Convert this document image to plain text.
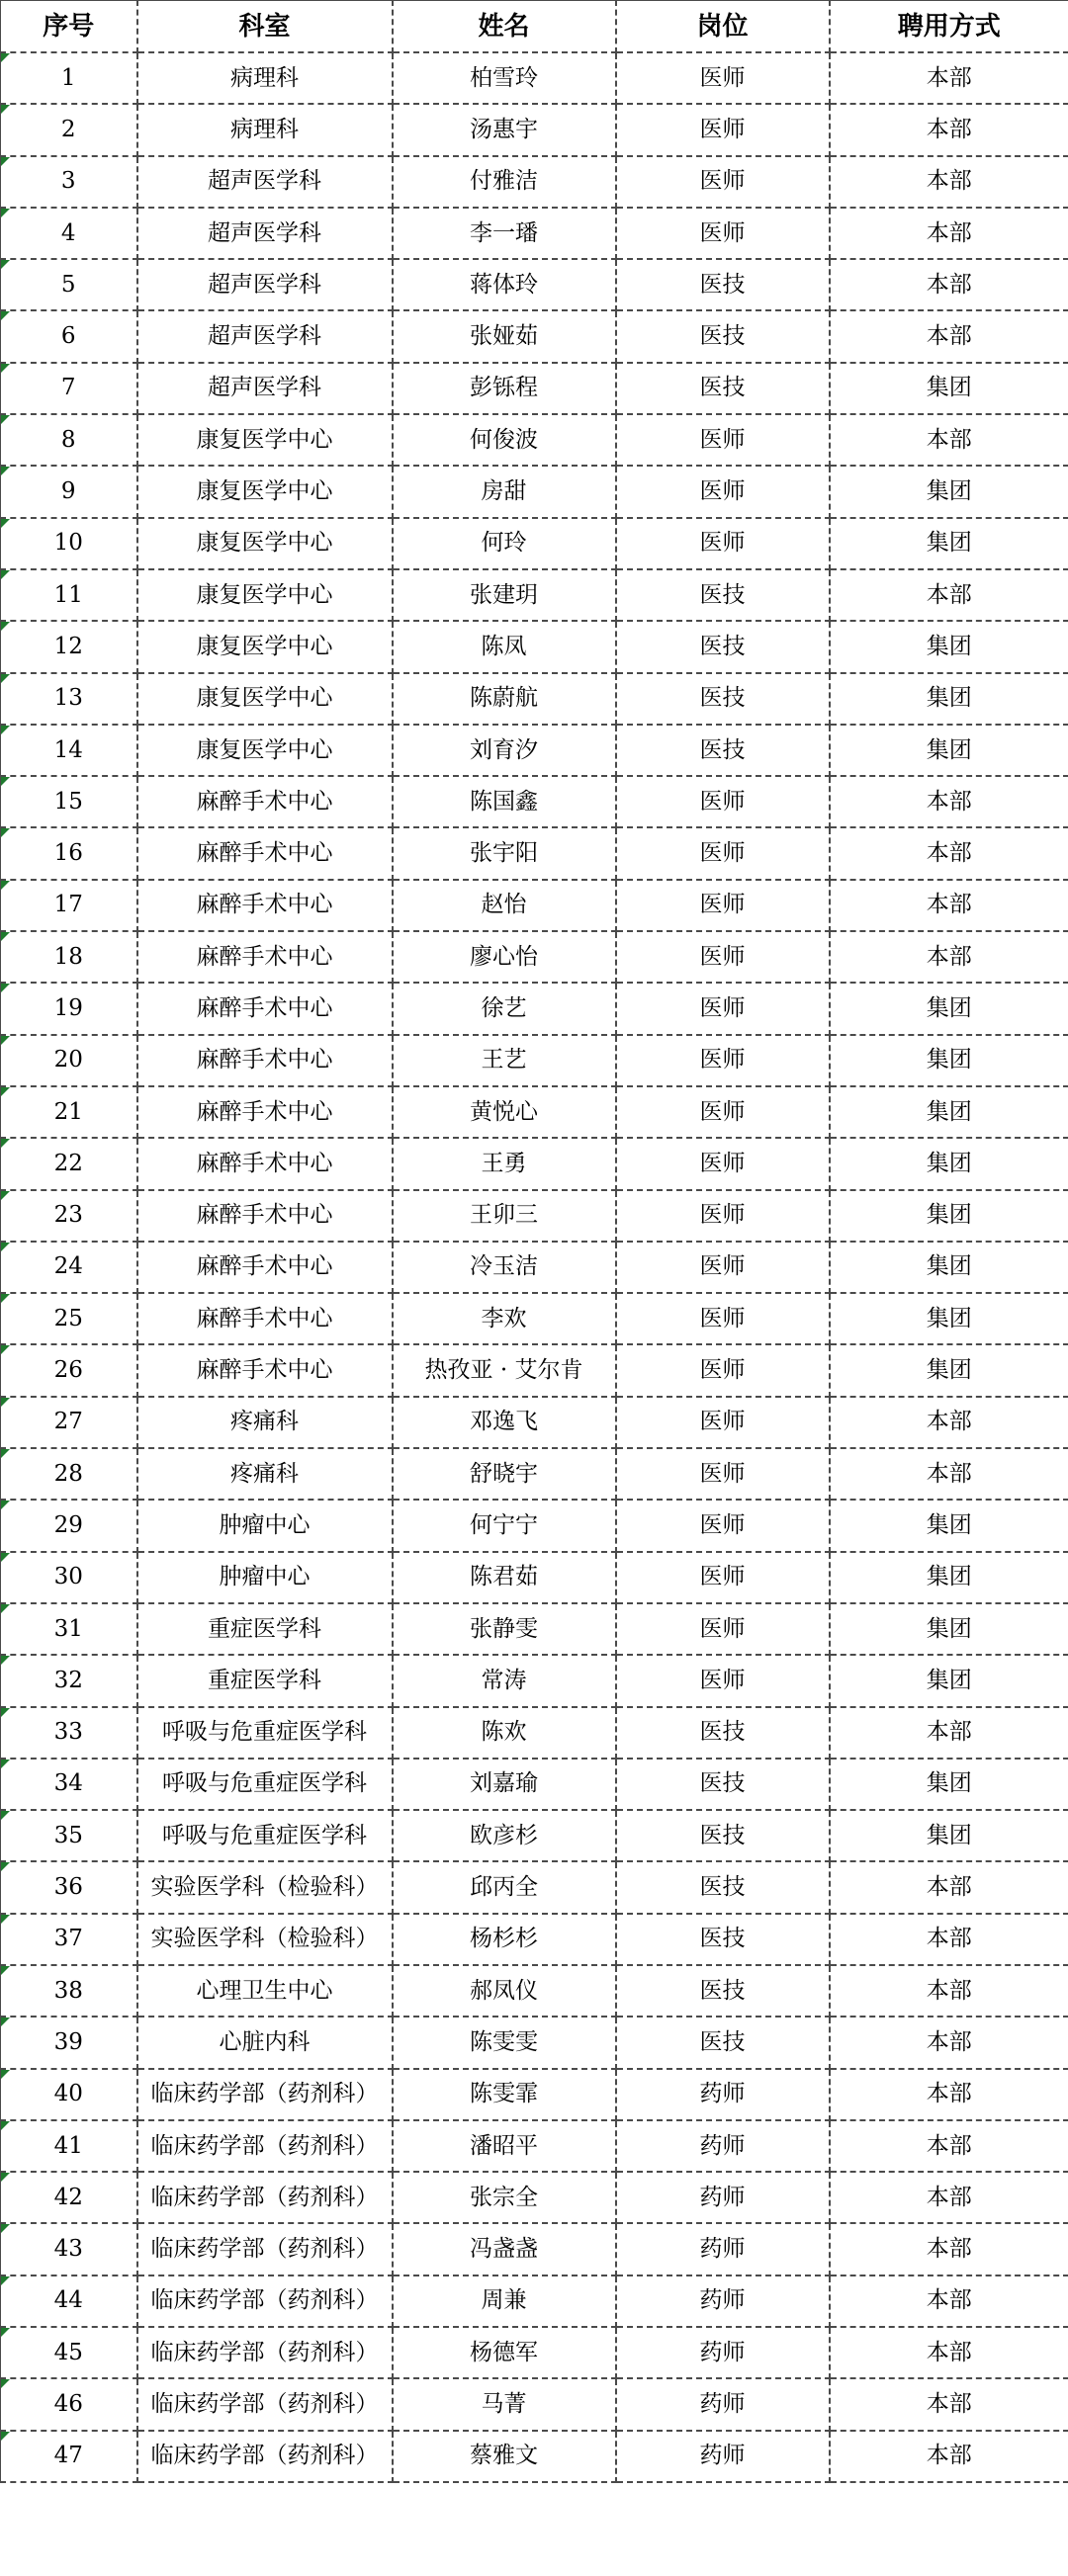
序号	科室	姓名	岗位	聘用方式
1	病理科	柏雪玲	医师	本部
2	病理科	汤惠宇	医师	本部
3	超声医学科	付雅洁	医师	本部
4	超声医学科	李一璠	医师	本部
5	超声医学科	蒋体玲	医技	本部
6	超声医学科	张娅茹	医技	本部
7	超声医学科	彭铄程	医技	集团
8	康复医学中心	何俊波	医师	本部
9	康复医学中心	房甜	医师	集团
10	康复医学中心	何玲	医师	集团
11	康复医学中心	张建玥	医技	本部
12	康复医学中心	陈凤	医技	集团
13	康复医学中心	陈蔚航	医技	集团
14	康复医学中心	刘育汐	医技	集团
15	麻醉手术中心	陈国鑫	医师	本部
16	麻醉手术中心	张宇阳	医师	本部
17	麻醉手术中心	赵怡	医师	本部
18	麻醉手术中心	廖心怡	医师	本部
19	麻醉手术中心	徐艺	医师	集团
20	麻醉手术中心	王艺	医师	集团
21	麻醉手术中心	黄悦心	医师	集团
22	麻醉手术中心	王勇	医师	集团
23	麻醉手术中心	王卯三	医师	集团
24	麻醉手术中心	冷玉洁	医师	集团
25	麻醉手术中心	李欢	医师	集团
26	麻醉手术中心	热孜亚 · 艾尔肯	医师	集团
27	疼痛科	邓逸飞	医师	本部
28	疼痛科	舒晓宇	医师	本部
29	肿瘤中心	何宁宁	医师	集团
30	肿瘤中心	陈君茹	医师	集团
31	重症医学科	张静雯	医师	集团
32	重症医学科	常涛	医师	集团
33	呼吸与危重症医学科	陈欢	医技	本部
34	呼吸与危重症医学科	刘嘉瑜	医技	集团
35	呼吸与危重症医学科	欧彦杉	医技	集团
36	实验医学科（检验科）	邱丙全	医技	本部
37	实验医学科（检验科）	杨杉杉	医技	本部
38	心理卫生中心	郝凤仪	医技	本部
39	心脏内科	陈雯雯	医技	本部
40	临床药学部（药剂科）	陈雯霏	药师	本部
41	临床药学部（药剂科）	潘昭平	药师	本部
42	临床药学部（药剂科）	张宗全	药师	本部
43	临床药学部（药剂科）	冯盏盏	药师	本部
44	临床药学部（药剂科）	周兼	药师	本部
45	临床药学部（药剂科）	杨德军	药师	本部
46	临床药学部（药剂科）	马菁	药师	本部
47	临床药学部（药剂科）	蔡雅文	药师	本部
